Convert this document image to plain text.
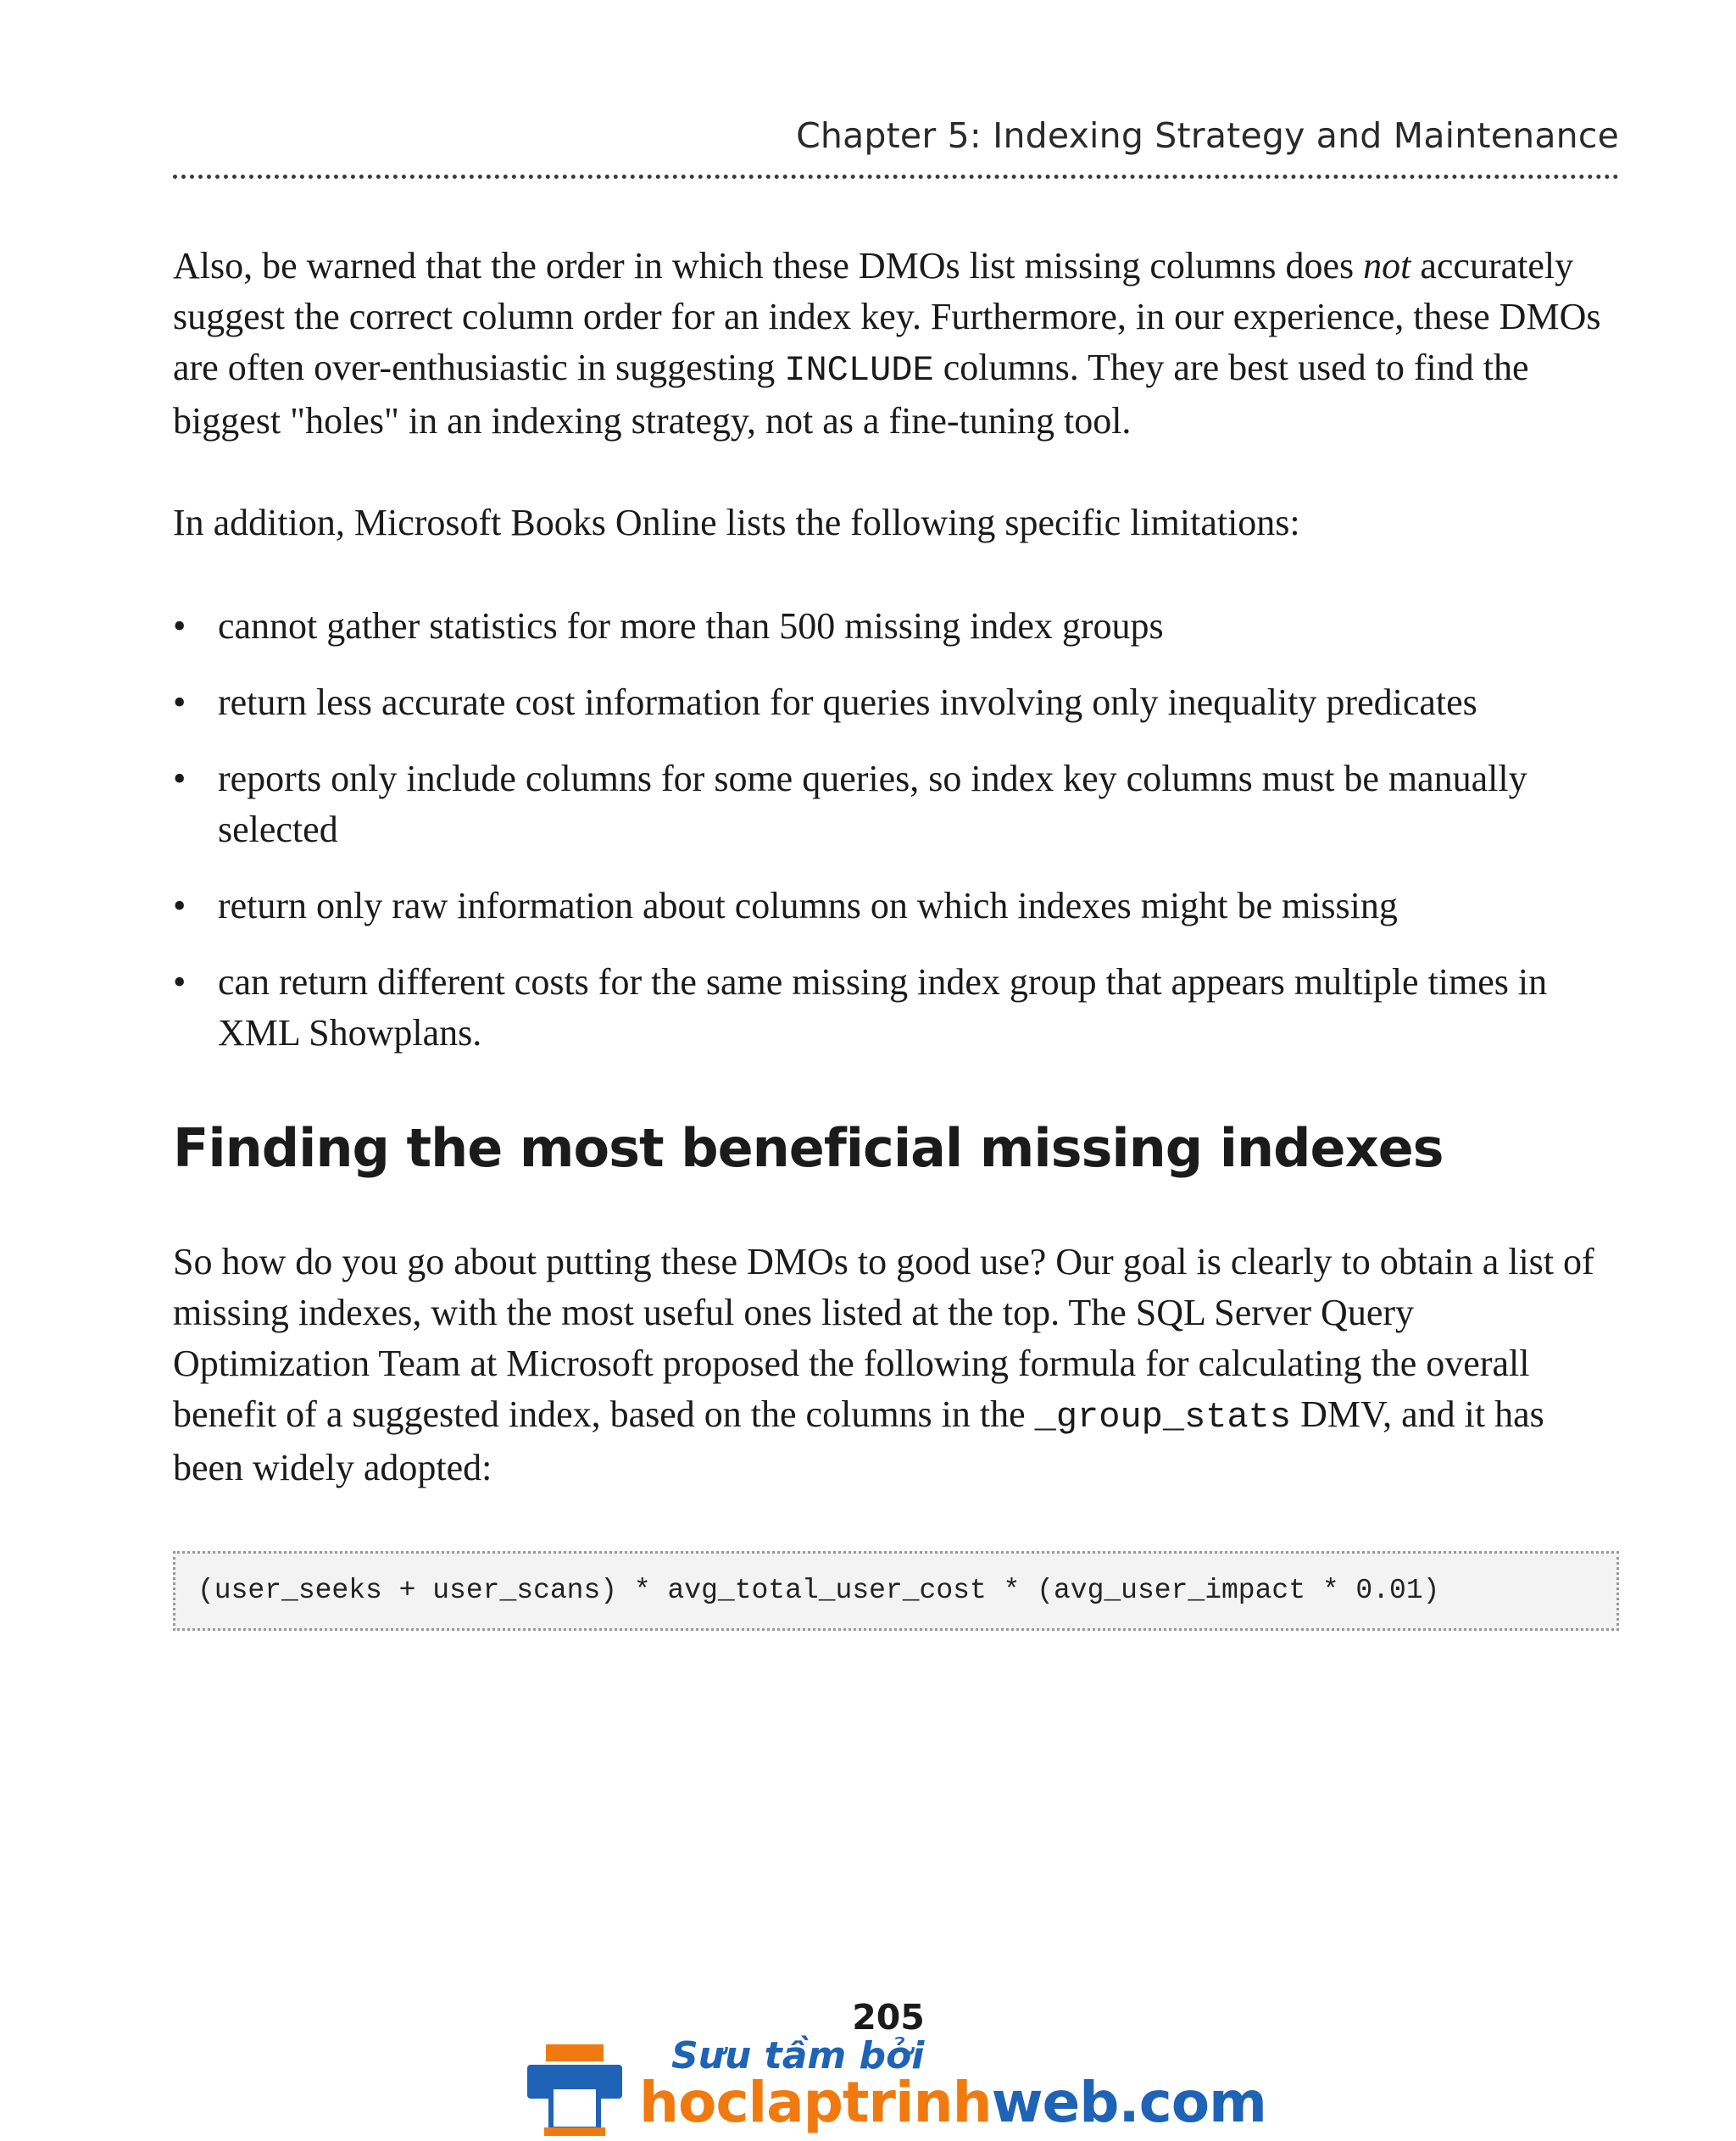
Chapter 5: Indexing Strategy and Maintenance

Also, be warned that the order in which these DMOs list missing columns does not accurately suggest the correct column order for an index key. Furthermore, in our experience, these DMOs are often over-enthusiastic in suggesting INCLUDE columns. They are best used to find the biggest "holes" in an indexing strategy, not as a fine-tuning tool.

In addition, Microsoft Books Online lists the following specific limitations:

• cannot gather statistics for more than 500 missing index groups
• return less accurate cost information for queries involving only inequality predicates
• reports only include columns for some queries, so index key columns must be manually selected
• return only raw information about columns on which indexes might be missing
• can return different costs for the same missing index group that appears multiple times in XML Showplans.
Finding the most beneficial missing indexes

So how do you go about putting these DMOs to good use? Our goal is clearly to obtain a list of missing indexes, with the most useful ones listed at the top. The SQL Server Query Optimization Team at Microsoft proposed the following formula for calculating the overall benefit of a suggested index, based on the columns in the _group_stats DMV, and it has been widely adopted:

(user_seeks + user_scans) * avg_total_user_cost * (avg_user_impact * 0.01)
205
Sưu tầm bởi
hoclaptrinhweb.com
